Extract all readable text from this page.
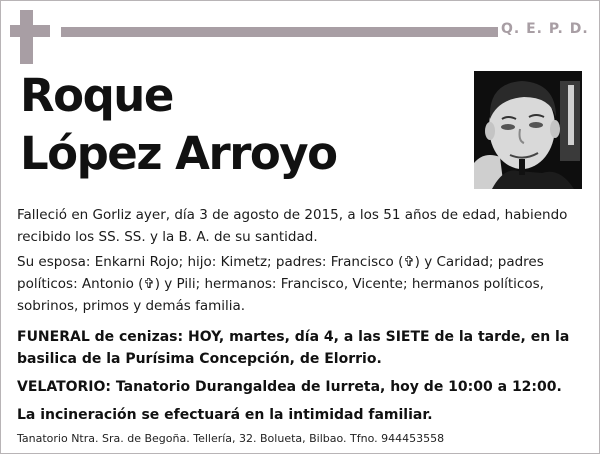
Q. E. P. D.
Roque
López Arroyo
Falleció en Gorliz ayer, día 3 de agosto de 2015, a los 51 años de edad, habiendo
recibido los SS. SS. y la B. A. de su santidad.
Su esposa: Enkarni Rojo; hijo: Kimetz; padres: Francisco (✞) y Caridad; padres
políticos: Antonio (✞) y Pili; hermanos: Francisco, Vicente; hermanos políticos,
sobrinos, primos y demás familia.
FUNERAL de cenizas: HOY, martes, día 4, a las SIETE de la tarde, en la
basilica de la Purísima Concepción, de Elorrio.
VELATORIO: Tanatorio Durangaldea de Iurreta, hoy de 10:00 a 12:00.
La incineración se efectuará en la intimidad familiar.
Tanatorio Ntra. Sra. de Begoña. Tellería, 32. Bolueta, Bilbao. Tfno. 944453558
